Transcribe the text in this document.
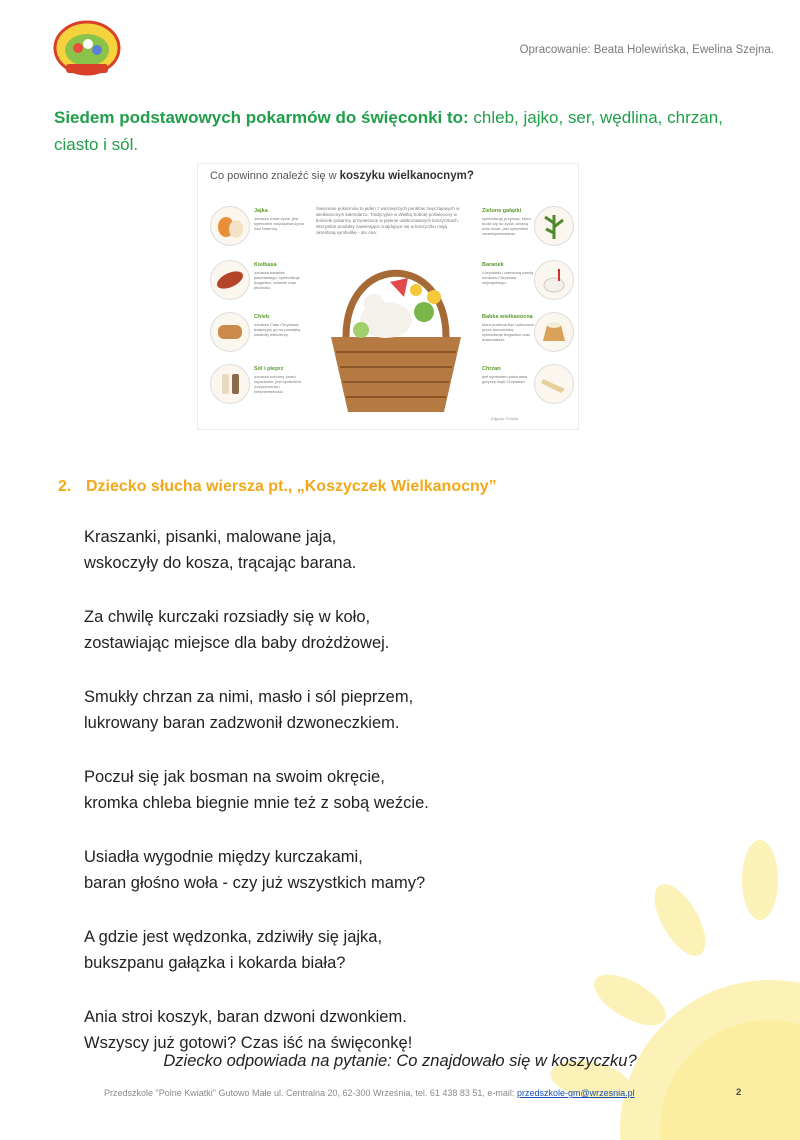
Opracowanie: Beata Holewińska, Ewelina Szejna.
Siedem podstawowych pokarmów do święconki to: chleb, jajko, ser, wędlina, chrzan, ciasto i sól.
Co powinno znaleźć się w koszyku wielkanocnym?
Święcenie pokarmów to jeden z ważniejszych punktów zwyczajowych w wielkanocnym kalendarzu. Tradycyjnie w Wielką Sobotę poświęcony w kościele pokarmy, przyniesione w pięknie udekorowanych koszyczkach. Wszystkie produkty zawierające znajdujące się w koszyczku mają określoną symbolikę - oto ona:
Jajka
oznacza nowe życie, jest symbolem zwycięstwa życia nad śmiercią.
Kiełbasa
oznacza baranka paschalnego, symbolizuje bogactwo, zdrowie oraz płodność.
Chleb
oznacza Ciało Chrystusa, tradycyjny go na pamiątkę ostatniej wieczerzy.
Sól i pieprz
oznacza ochronę przed zepsuciem, jest symbolem oczyszczenia i nieśmiertelności.
Zielone gałązki
symbolizują przyrodę, która budzi się do życia, wiosną oraz nowe, jest symbolem zmartwychwstania.
Baranek
z kryształu i czerwoną szarfą oznacza Chrystusa zwycięskiego.
Babka wielkanocna
która powinna być upieczona przez domownika, symbolizuje bogactwo oraz doskonałość.
Chrzan
jest symbolem pokonania goryczy męki Chrystusa.
Zdjęcia: Fotolia
2. Dziecko słucha wiersza pt., „Koszyczek Wielkanocny”
Kraszanki, pisanki, malowane jaja,
wskoczyły do kosza, trącając barana.
Za chwilę kurczaki rozsiadły się w koło,
zostawiając miejsce dla baby drożdżowej.
Smukły chrzan za nimi, masło i sól pieprzem,
lukrowany baran zadzwonił dzwoneczkiem.
Poczuł się jak bosman na swoim okręcie,
kromka chleba biegnie mnie też z sobą weźcie.
Usiadła wygodnie między kurczakami,
baran głośno woła - czy już wszystkich mamy?
A gdzie jest wędzonka, zdziwiły się jajka,
bukszpanu gałązka i kokarda biała?
Ania stroi koszyk, baran dzwoni dzwonkiem.
Wszyscy już gotowi? Czas iść na święconkę!
Dziecko odpowiada na pytanie: Co znajdowało się w koszyczku?
Przedszkole "Polne Kwiatki" Gutowo Małe ul. Centralna 20, 62-300 Września, tel. 61 438 83 51, e-mail: przedszkole-gm@wrzesnia.pl	2
